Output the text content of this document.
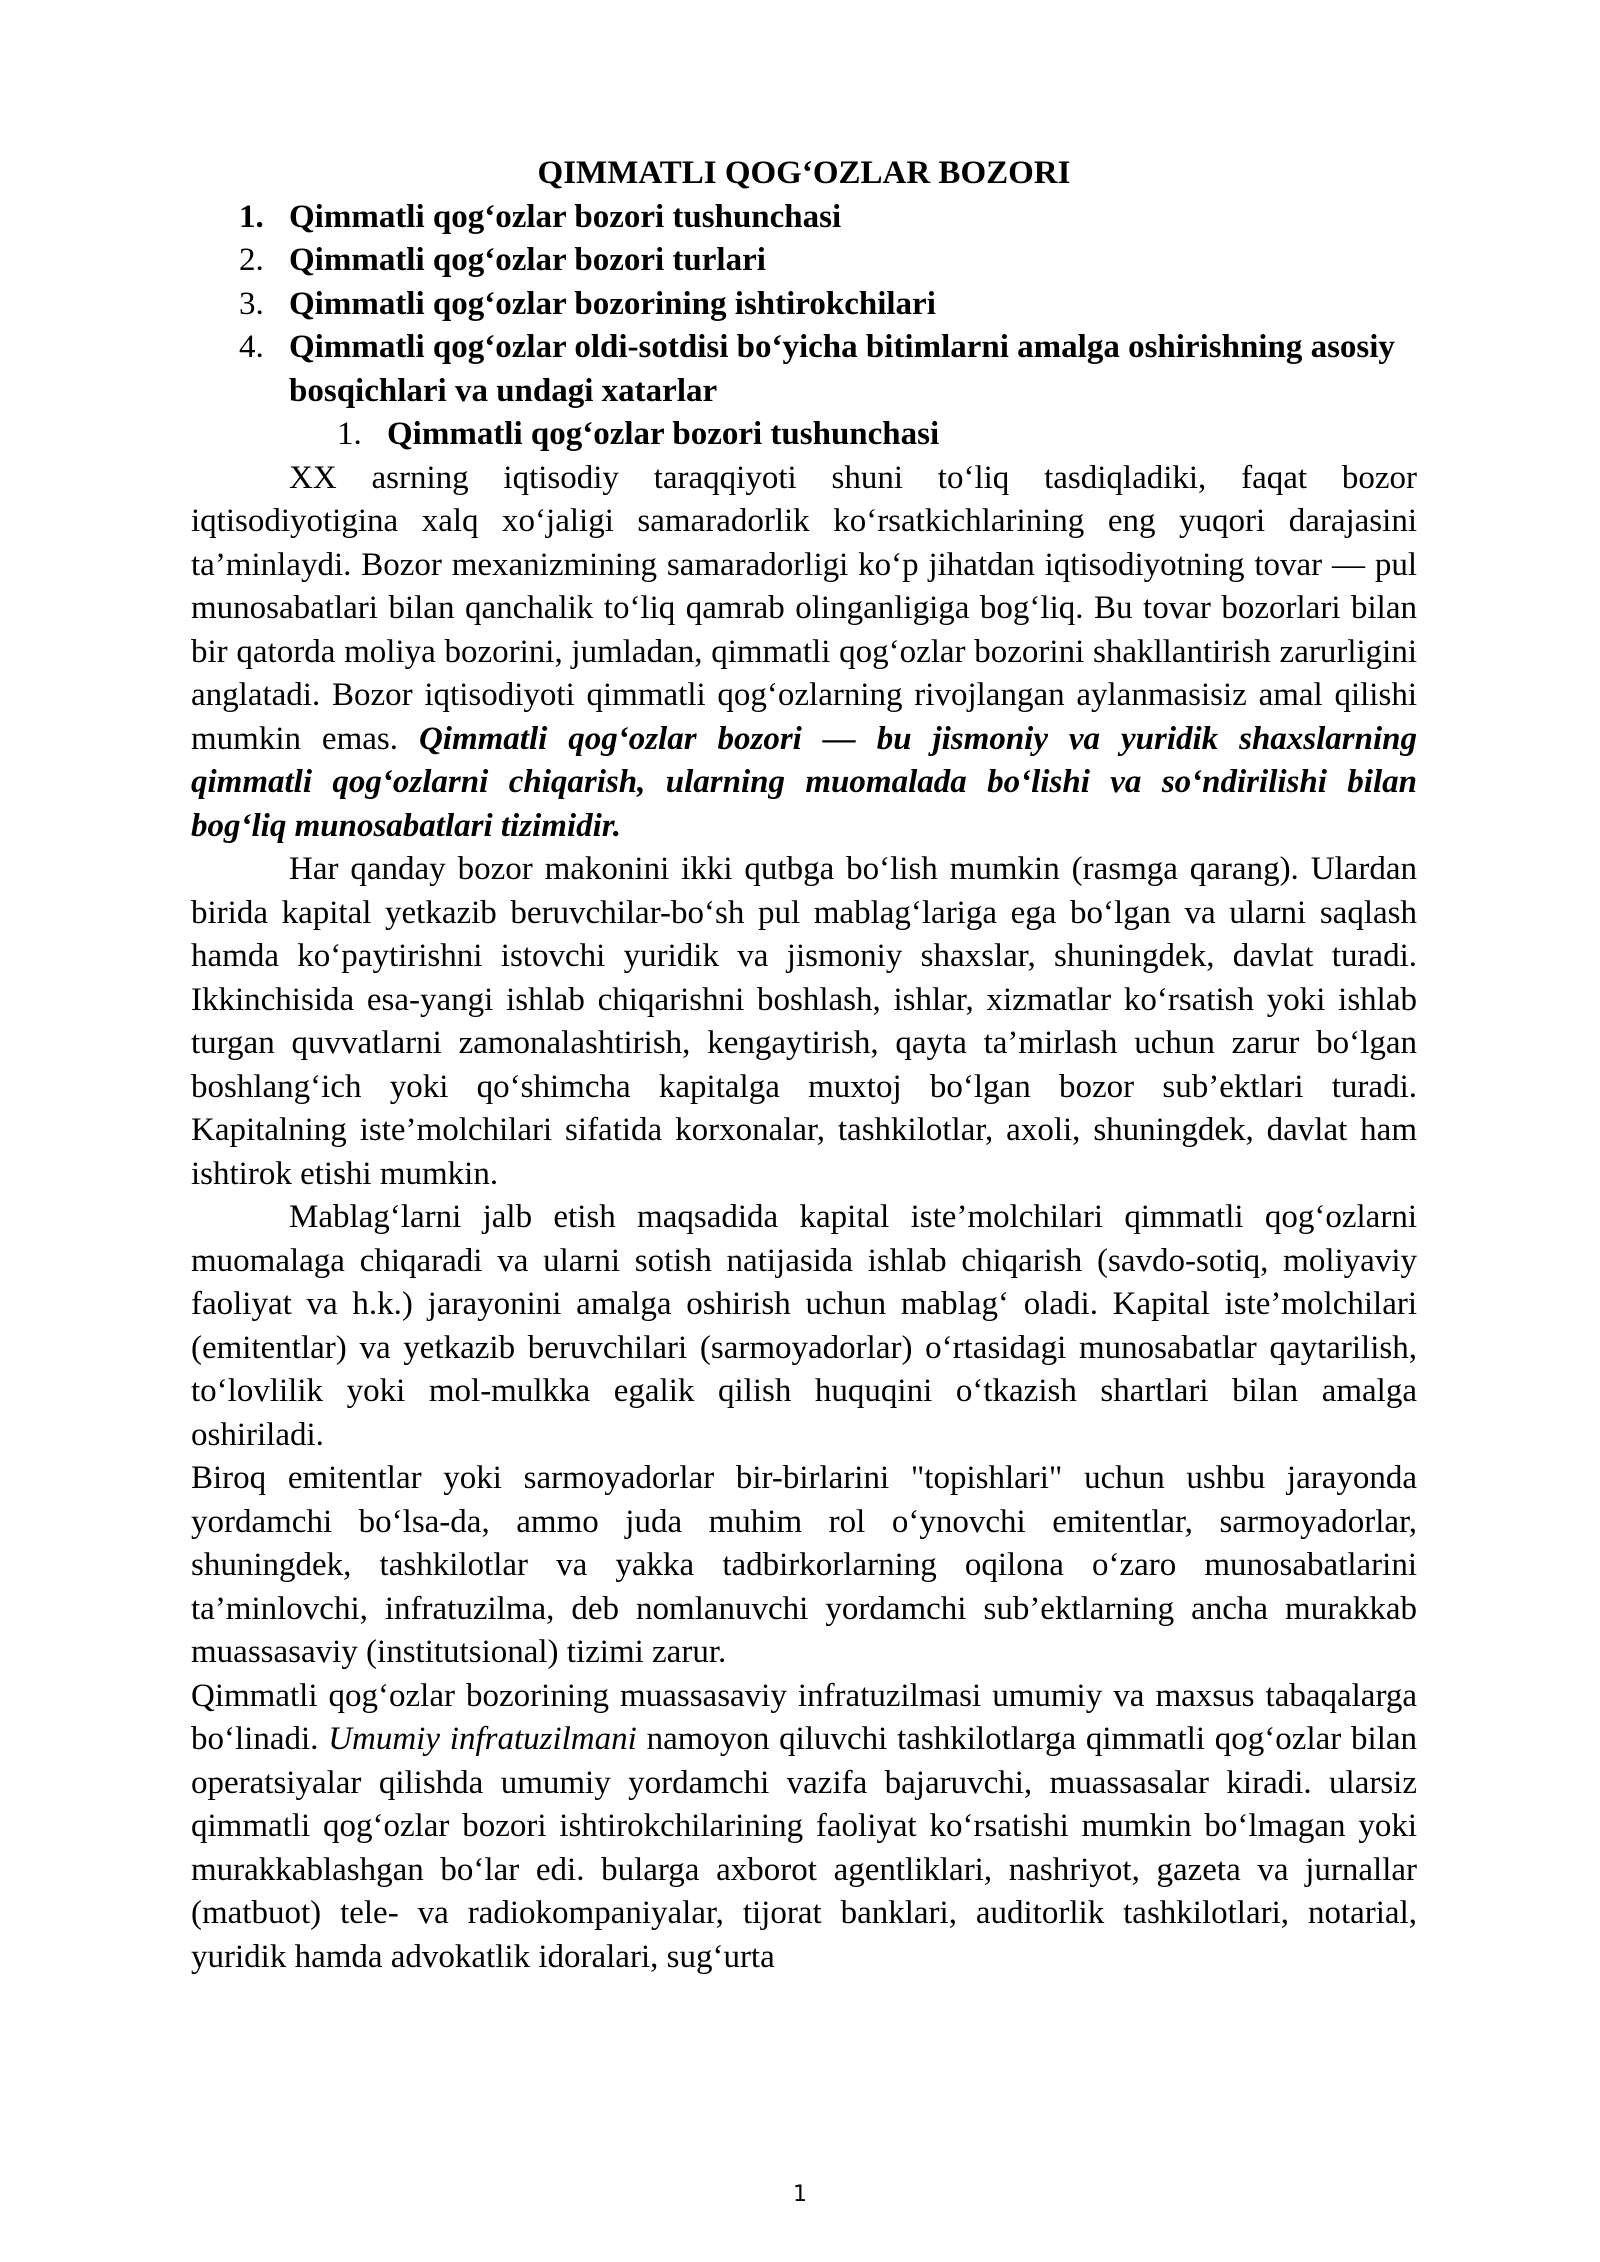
QIMMATLI QOG‘OZLAR BOZORI
1. Qimmatli qog‘ozlar bozori tushunchasi
2. Qimmatli qog‘ozlar bozori turlari
3. Qimmatli qog‘ozlar bozorining ishtirokchilari
4. Qimmatli qog‘ozlar oldi-sotdisi bo‘yicha bitimlarni amalga oshirishning asosiy bosqichlari va undagi xatarlar
1. Qimmatli qog‘ozlar bozori tushunchasi

XX asrning iqtisodiy taraqqiyoti shuni to‘liq tasdiqladiki, faqat bozor iqtisodiyotigina xalq xo‘jaligi samaradorlik ko‘rsatkichlarining eng yuqori darajasini ta’minlaydi. Bozor mexanizmining samaradorligi ko‘p jihatdan iqtisodiyotning tovar — pul munosabatlari bilan qanchalik to‘liq qamrab olinganligiga bog‘liq. Bu tovar bozorlari bilan bir qatorda moliya bozorini, jumladan, qimmatli qog‘ozlar bozorini shakllantirish zarurligini anglatadi. Bozor iqtisodiyoti qimmatli qog‘ozlarning rivojlangan aylanmasisiz amal qilishi mumkin emas. Qimmatli qog‘ozlar bozori — bu jismoniy va yuridik shaxslarning qimmatli qog‘ozlarni chiqarish, ularning muomalada bo‘lishi va so‘ndirilishi bilan bog‘liq munosabatlari tizimidir.

Har qanday bozor makonini ikki qutbga bo‘lish mumkin (rasmga qarang). Ulardan birida kapital yetkazib beruvchilar-bo‘sh pul mablag‘lariga ega bo‘lgan va ularni saqlash hamda ko‘paytirishni istovchi yuridik va jismoniy shaxslar, shuningdek, davlat turadi. Ikkinchisida esa-yangi ishlab chiqarishni boshlash, ishlar, xizmatlar ko‘rsatish yoki ishlab turgan quvvatlarni zamonalashtirish, kengaytirish, qayta ta’mirlash uchun zarur bo‘lgan boshlang‘ich yoki qo‘shimcha kapitalga muxtoj bo‘lgan bozor sub’ektlari turadi. Kapitalning iste’molchilari sifatida korxonalar, tashkilotlar, axoli, shuningdek, davlat ham ishtirok etishi mumkin.

Mablag‘larni jalb etish maqsadida kapital iste’molchilari qimmatli qog‘ozlarni muomalaga chiqaradi va ularni sotish natijasida ishlab chiqarish (savdo-sotiq, moliyaviy faoliyat va h.k.) jarayonini amalga oshirish uchun mablag‘ oladi. Kapital iste’molchilari (emitentlar) va yetkazib beruvchilari (sarmoyadorlar) o‘rtasidagi munosabatlar qaytarilish, to‘lovlilik yoki mol-mulkka egalik qilish huquqini o‘tkazish shartlari bilan amalga oshiriladi.

Biroq emitentlar yoki sarmoyadorlar bir-birlarini "topishlari" uchun ushbu jarayonda yordamchi bo‘lsa-da, ammo juda muhim rol o‘ynovchi emitentlar, sarmoyadorlar, shuningdek, tashkilotlar va yakka tadbirkorlarning oqilona o‘zaro munosabatlarini ta’minlovchi, infratuzilma, deb nomlanuvchi yordamchi sub’ektlarning ancha murakkab muassasaviy (institutsional) tizimi zarur.

Qimmatli qog‘ozlar bozorining muassasaviy infratuzilmasi umumiy va maxsus tabaqalarga bo‘linadi. Umumiy infratuzilmani namoyon qiluvchi tashkilotlarga qimmatli qog‘ozlar bilan operatsiyalar qilishda umumiy yordamchi vazifa bajaruvchi, muassasalar kiradi. ularsiz qimmatli qog‘ozlar bozori ishtirokchilarining faoliyat ko‘rsatishi mumkin bo‘lmagan yoki murakkablashgan bo‘lar edi. bularga axborot agentliklari, nashriyot, gazeta va jurnallar (matbuot) tele- va radiokompaniyalar, tijorat banklari, auditorlik tashkilotlari, notarial, yuridik hamda advokatlik idoralari, sug‘urta

1
